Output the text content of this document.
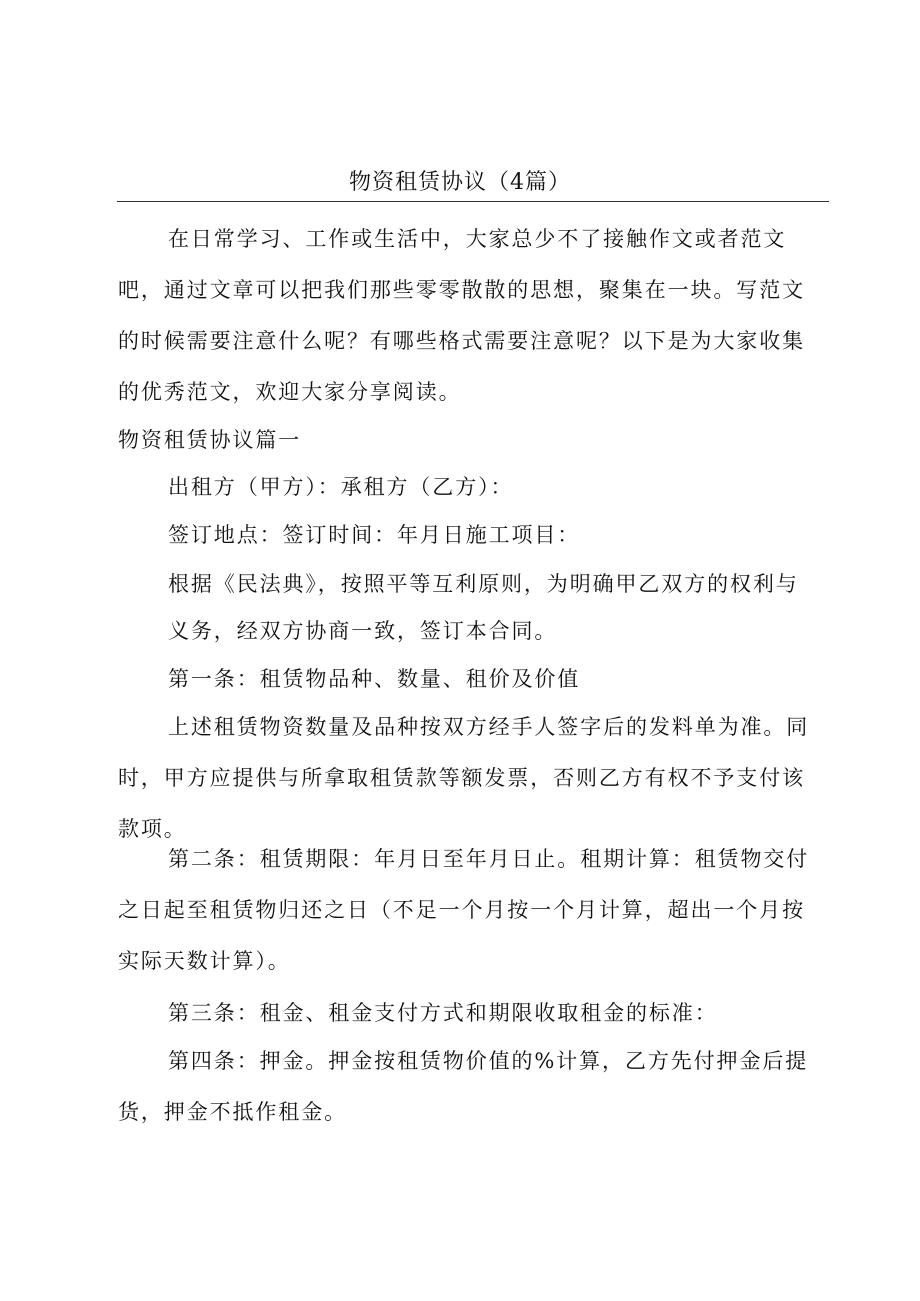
物资租赁协议（4篇）

在日常学习、工作或生活中，大家总少不了接触作文或者范文吧，通过文章可以把我们那些零零散散的思想，聚集在一块。写范文的时候需要注意什么呢？有哪些格式需要注意呢？以下是为大家收集的优秀范文，欢迎大家分享阅读。

物资租赁协议篇一

出租方（甲方）：承租方（乙方）：

签订地点：签订时间：年月日施工项目：

根据《民法典》，按照平等互利原则，为明确甲乙双方的权利与

义务，经双方协商一致，签订本合同。

第一条：租赁物品种、数量、租价及价值

上述租赁物资数量及品种按双方经手人签字后的发料单为准。同时，甲方应提供与所拿取租赁款等额发票，否则乙方有权不予支付该款项。

第二条：租赁期限：年月日至年月日止。租期计算：租赁物交付之日起至租赁物归还之日（不足一个月按一个月计算，超出一个月按实际天数计算）。

第三条：租金、租金支付方式和期限收取租金的标准：

第四条：押金。押金按租赁物价值的%计算，乙方先付押金后提货，押金不抵作租金。
